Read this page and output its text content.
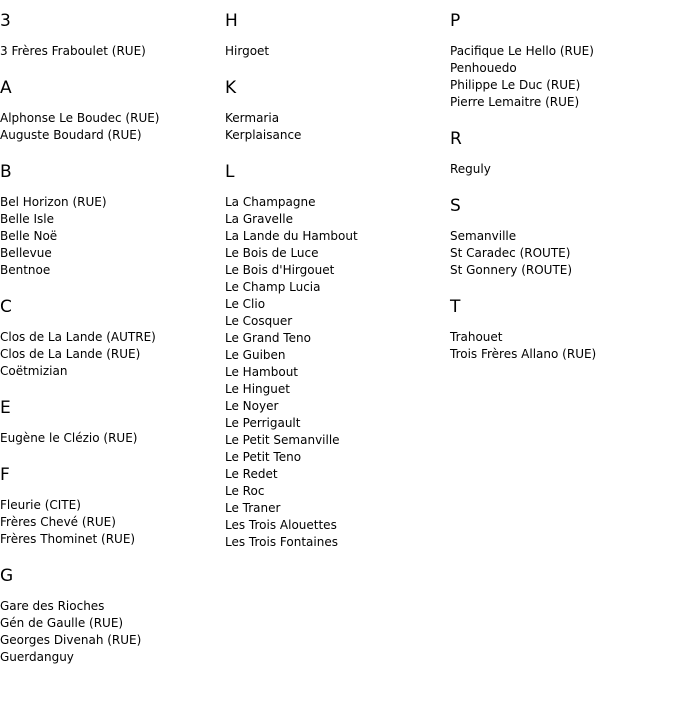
3
3 Frères Fraboulet (RUE)
A
Alphonse Le Boudec (RUE)
Auguste Boudard (RUE)
B
Bel Horizon (RUE)
Belle Isle
Belle Noë
Bellevue
Bentnoe
C
Clos de La Lande (AUTRE)
Clos de La Lande (RUE)
Coëtmizian
E
Eugène le Clézio (RUE)
F
Fleurie (CITE)
Frères Chevé (RUE)
Frères Thominet (RUE)
G
Gare des Rioches
Gén de Gaulle (RUE)
Georges Divenah (RUE)
Guerdanguy
H
Hirgoet
K
Kermaria
Kerplaisance
L
La Champagne
La Gravelle
La Lande du Hambout
Le Bois de Luce
Le Bois d'Hirgouet
Le Champ Lucia
Le Clio
Le Cosquer
Le Grand Teno
Le Guiben
Le Hambout
Le Hinguet
Le Noyer
Le Perrigault
Le Petit Semanville
Le Petit Teno
Le Redet
Le Roc
Le Traner
Les Trois Alouettes
Les Trois Fontaines
P
Pacifique Le Hello (RUE)
Penhouedo
Philippe Le Duc (RUE)
Pierre Lemaitre (RUE)
R
Reguly
S
Semanville
St Caradec (ROUTE)
St Gonnery (ROUTE)
T
Trahouet
Trois Frères Allano (RUE)
